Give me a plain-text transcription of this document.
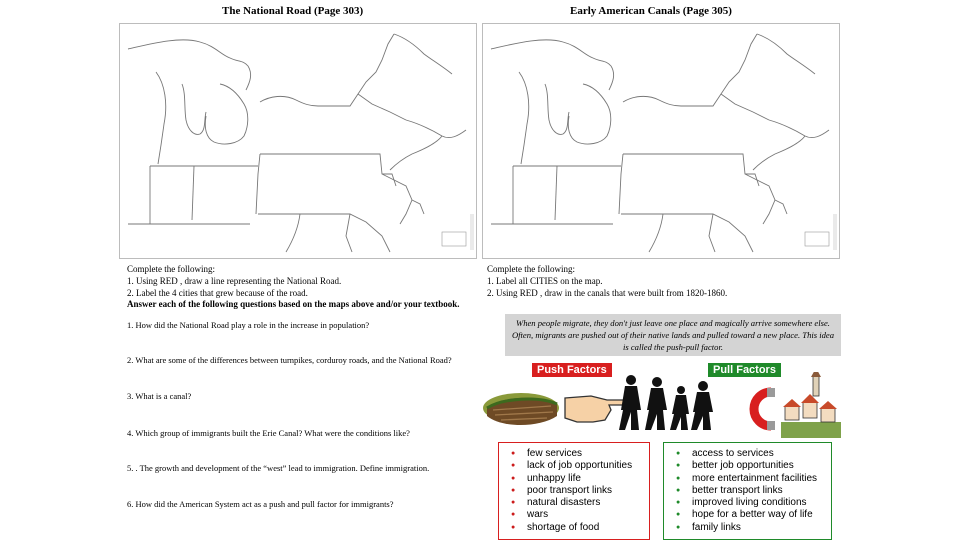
The National Road (Page 303)	Early American Canals (Page 305)
Complete the following:
1. Using RED , draw a line representing the National Road.
2. Label the 4 cities that grew because of the road.
Complete the following:
1. Label all CITIES on the map.
2. Using RED , draw in the canals that were built from 1820-1860.
Answer each of the following questions based on the maps above and/or your textbook.
1. How did the National Road play a role in the increase in population?
2. What are some of the differences between turnpikes, corduroy roads, and the National Road?
3. What is a canal?
4. Which group of immigrants built the Erie Canal? What were the conditions like?
5. . The growth and development of the “west” lead to immigration. Define immigration.
6. How did the American System act as a push and pull factor for immigrants?
When people migrate, they don't just leave one place and magically arrive somewhere else. Often, migrants are pushed out of their native lands and pulled toward a new place. This idea is called the push-pull factor.
Push Factors	Pull Factors
● few services
● lack of job opportunities
● unhappy life
● poor transport links
● natural disasters
● wars
● shortage of food
● access to services
● better job opportunities
● more entertainment facilities
● better transport links
● improved living conditions
● hope for a better way of life
● family links
